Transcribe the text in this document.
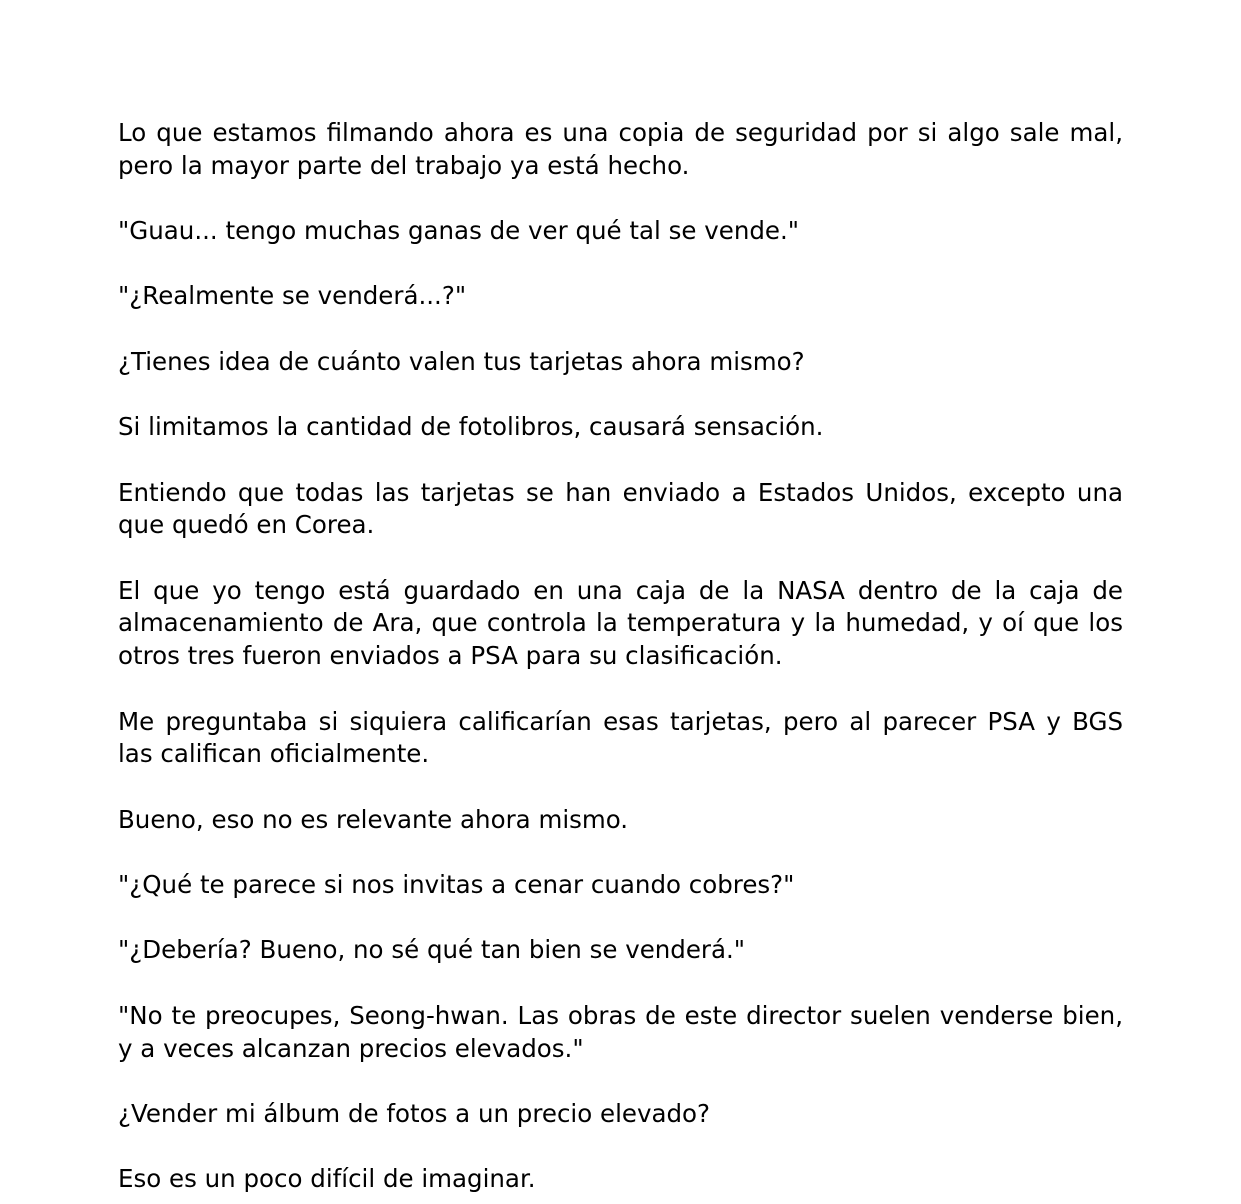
Lo que estamos filmando ahora es una copia de seguridad por si algo sale mal, pero la mayor parte del trabajo ya está hecho.

"Guau... tengo muchas ganas de ver qué tal se vende."

"¿Realmente se venderá...?"

¿Tienes idea de cuánto valen tus tarjetas ahora mismo?

Si limitamos la cantidad de fotolibros, causará sensación.

Entiendo que todas las tarjetas se han enviado a Estados Unidos, excepto una que quedó en Corea.

El que yo tengo está guardado en una caja de la NASA dentro de la caja de almacenamiento de Ara, que controla la temperatura y la humedad, y oí que los otros tres fueron enviados a PSA para su clasificación.

Me preguntaba si siquiera calificarían esas tarjetas, pero al parecer PSA y BGS las califican oficialmente.

Bueno, eso no es relevante ahora mismo.

"¿Qué te parece si nos invitas a cenar cuando cobres?"

"¿Debería? Bueno, no sé qué tan bien se venderá."

"No te preocupes, Seong-hwan. Las obras de este director suelen venderse bien, y a veces alcanzan precios elevados."

¿Vender mi álbum de fotos a un precio elevado?

Eso es un poco difícil de imaginar.
